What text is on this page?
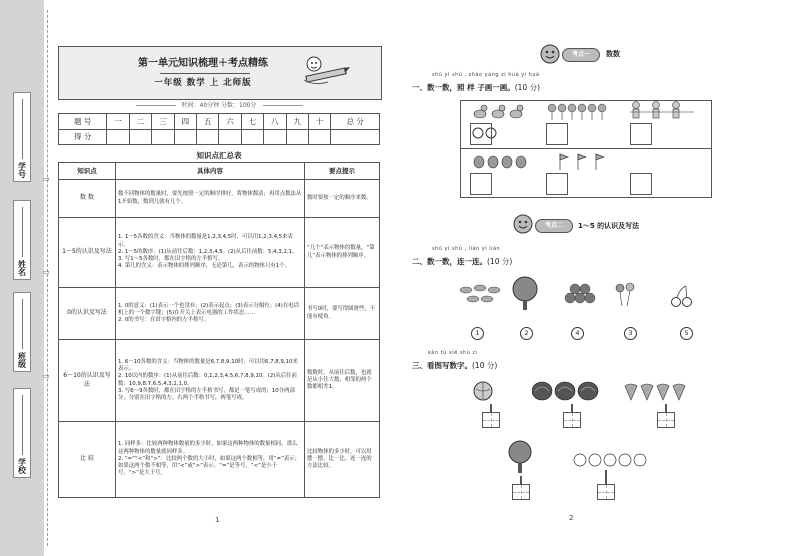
学号
姓名
班级
学校
▭
▭
▭
第一单元知识梳理＋考点精练
一年级 数学 上 北师版
时间：40分钟 分数：100分
题 号	一	二	三	四	五	六	七	八	九	十	总 分
得 分											
知识点汇总表
知识点	具体内容	要点提示
数 数	数不同物体的数量时，要先按照一定的顺序排好，将物体数清；再用点数法从1开始数，数到几就有几个。	数时要按一定的顺序来数。
1～5的认识及写法	1. 1～5各数的含义：当物体的数量是1,2,3,4,5时，可以用1,2,3,4,5来表示。
2. 1～5的数序：(1)从前往后数：1,2,3,4,5。(2)从后往前数：5,4,3,2,1。
3. 写1～5各数时，都在田字格的左半格写。
4. 第几的含义：表示物体的排列顺序，无论第几，表示的物体只有1个。	“几个”表示物体的数量，“第几”表示物体的排列顺序。
0的认识及写法	1. 0的意义：(1)表示一个也没有；(2)表示起点；(3)表示分隔位；(4)在电话机上的一个数字键；(5)在开关上表示电器的工作状态……
2. 0的书写：在田字格内的左半格写。	书写0时，要写得圆滑些，不能有棱角。
6～10的认识及写法	1. 6～10各数的含义：当物体的数量是6,7,8,9,10时，可以用6,7,8,9,10来表示。
2. 10以内的数序：(1)从前往后数：0,1,2,3,4,5,6,7,8,9,10。(2)从后往前数：10,9,8,7,6,5,4,3,2,1,0。
3. 写6～9各数时，都在田字格的左半格书写，都是一笔写成的；10分两部分，分别在田字格的左、右两个半格书写，两笔写成。	数数时，从前往后数，也就是从小往大数，相邻的两个数都相差1。
比 较	1. 同样多：比较两种物体数量的多少时，如果这两种物体的数量相同，那么这两种物体的数量就同样多。
2. “=”“<”和“>”：比较两个数的大小时，如果这两个数相等，用“=”表示；如果这两个数不相等，用“<”或“>”表示。“=”是等号，“<”是小于号，“>”是大于号。	比较物体的多少时，可以用摆一摆、比一比、连一连的方法比较。
1
考点一	数数
shǔ yì shǔ , zhào yàng zi huà yi huà
一、数一数，照 样 子画一画。(10 分)
考点二	1～5 的认识及写法
shǔ yì shǔ , lián yi lián
二、数一数，连一连。(10 分)
1	2	4	3	5
kàn tú xiě shù zì
三、看图写数字。(10 分)
2
